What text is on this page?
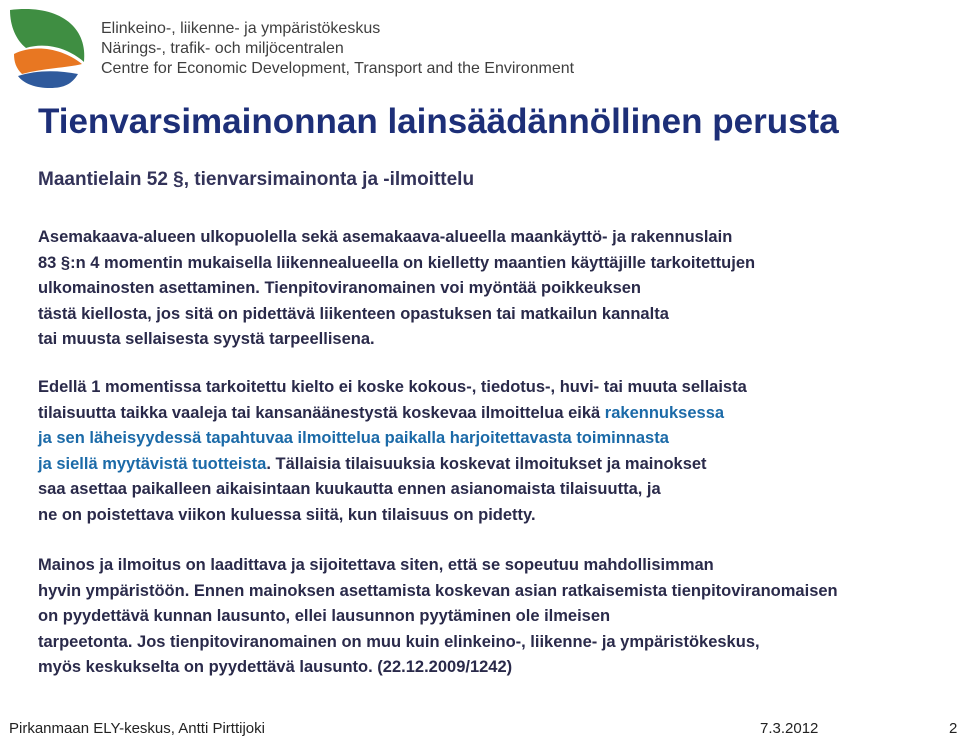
Elinkeino-, liikenne- ja ympäristökeskus
Närings-, trafik- och miljöcentralen
Centre for Economic Development, Transport and the Environment
Tienvarsimainonnan lainsäädännöllinen perusta
Maantielain 52 §, tienvarsimainonta ja -ilmoittelu

Asemakaava-alueen ulkopuolella sekä asemakaava-alueella maankäyttö- ja rakennuslain
83 §:n 4 momentin mukaisella liikennealueella on kielletty maantien käyttäjille tarkoitettujen
ulkomainosten asettaminen. Tienpitoviranomainen voi myöntää poikkeuksen
tästä kiellosta, jos sitä on pidettävä liikenteen opastuksen tai matkailun kannalta
tai muusta sellaisesta syystä tarpeellisena.

Edellä 1 momentissa tarkoitettu kielto ei koske kokous-, tiedotus-, huvi- tai muuta sellaista
tilaisuutta taikka vaaleja tai kansanäänestystä koskevaa ilmoittelua eikä rakennuksessa
ja sen läheisyydessä tapahtuvaa ilmoittelua paikalla harjoitettavasta toiminnasta
ja siellä myytävistä tuotteista. Tällaisia tilaisuuksia koskevat ilmoitukset ja mainokset
saa asettaa paikalleen aikaisintaan kuukautta ennen asianomaista tilaisuutta, ja
ne on poistettava viikon kuluessa siitä, kun tilaisuus on pidetty.

Mainos ja ilmoitus on laadittava ja sijoitettava siten, että se sopeutuu mahdollisimman
hyvin ympäristöön. Ennen mainoksen asettamista koskevan asian ratkaisemista tienpitoviranomaisen
on pyydettävä kunnan lausunto, ellei lausunnon pyytäminen ole ilmeisen
tarpeetonta. Jos tienpitoviranomainen on muu kuin elinkeino-, liikenne- ja ympäristökeskus,
myös keskukselta on pyydettävä lausunto. (22.12.2009/1242)

Pirkanmaan ELY-keskus, Antti Pirttijoki	7.3.2012	2
